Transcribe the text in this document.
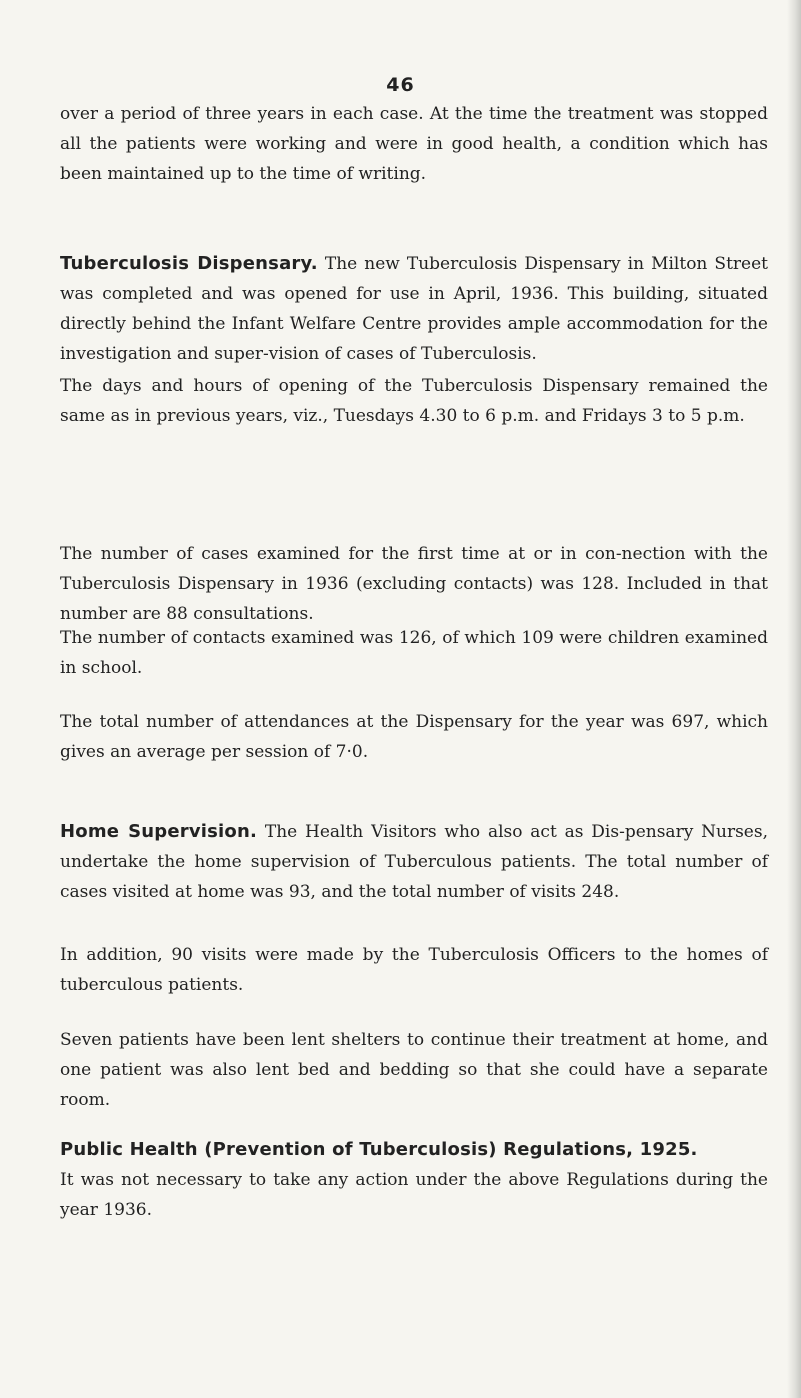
46

over a period of three years in each case. At the time the treatment was stopped all the patients were working and were in good health, a condition which has been maintained up to the time of writing.

Tuberculosis Dispensary. The new Tuberculosis Dispensary in Milton Street was completed and was opened for use in April, 1936. This building, situated directly behind the Infant Welfare Centre provides ample accommodation for the investigation and super-vision of cases of Tuberculosis.

The days and hours of opening of the Tuberculosis Dispensary remained the same as in previous years, viz., Tuesdays 4.30 to 6 p.m. and Fridays 3 to 5 p.m.

The number of cases examined for the first time at or in con-nection with the Tuberculosis Dispensary in 1936 (excluding contacts) was 128. Included in that number are 88 consultations.

The number of contacts examined was 126, of which 109 were children examined in school.

The total number of attendances at the Dispensary for the year was 697, which gives an average per session of 7·0.

Home Supervision. The Health Visitors who also act as Dis-pensary Nurses, undertake the home supervision of Tuberculous patients. The total number of cases visited at home was 93, and the total number of visits 248.

In addition, 90 visits were made by the Tuberculosis Officers to the homes of tuberculous patients.

Seven patients have been lent shelters to continue their treatment at home, and one patient was also lent bed and bedding so that she could have a separate room.

Public Health (Prevention of Tuberculosis) Regulations, 1925.

It was not necessary to take any action under the above Regulations during the year 1936.
